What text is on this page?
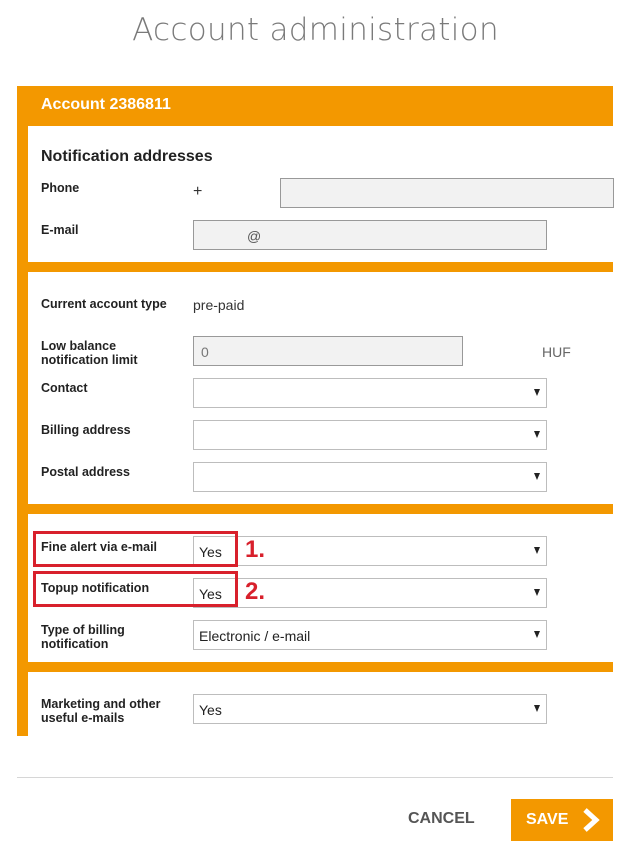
Account administration
Account 2386811
Notification addresses
Phone	+
E-mail	@
Current account type pre-paid
Low balance
notification limit	0	HUF
Contact
Billing address
Postal address
Fine alert via e-mail	Yes
Topup notification	Yes
Type of billing
notification	Electronic / e-mail
Marketing and other
useful e-mails	Yes
1.
2.
CANCEL	SAVE
